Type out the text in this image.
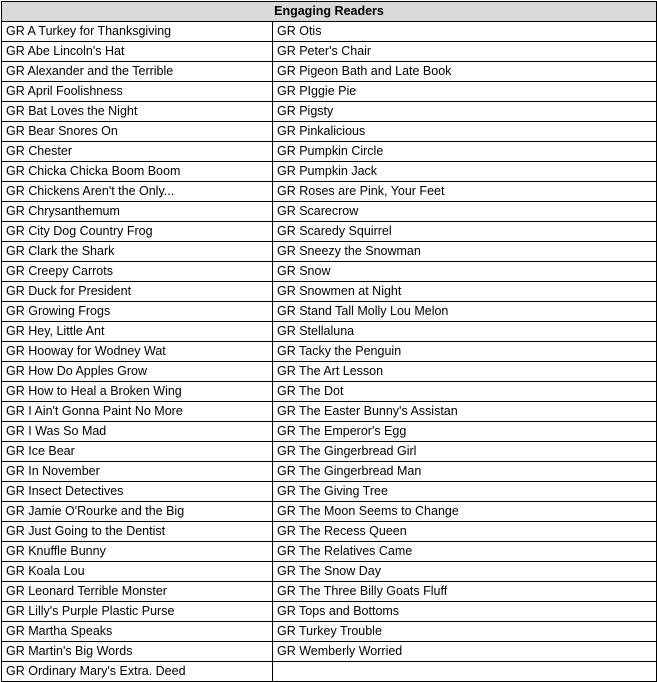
Engaging Readers	
GR A Turkey for Thanksgiving	GR Otis
GR Abe Lincoln's Hat	GR Peter's Chair
GR Alexander and the Terrible	GR Pigeon Bath and Late Book
GR April Foolishness	GR PIggie Pie
GR Bat Loves the Night	GR Pigsty
GR Bear Snores On	GR Pinkalicious
GR Chester	GR Pumpkin Circle
GR Chicka Chicka Boom Boom	GR Pumpkin Jack
GR Chickens Aren't the Only...	GR Roses are Pink, Your Feet
GR Chrysanthemum	GR Scarecrow
GR City Dog Country Frog	GR Scaredy Squirrel
GR Clark the Shark	GR Sneezy the Snowman
GR Creepy Carrots	GR Snow
GR Duck for President	GR Snowmen at Night
GR Growing Frogs	GR Stand Tall Molly Lou Melon
GR Hey, Little Ant	GR Stellaluna
GR Hooway for Wodney Wat	GR Tacky the Penguin
GR How Do Apples Grow	GR The Art Lesson
GR How to Heal a Broken Wing	GR The Dot
GR I Ain't Gonna Paint No More	GR The Easter Bunny's Assistan
GR I Was So Mad	GR The Emperor's Egg
GR Ice Bear	GR The Gingerbread Girl
GR In November	GR The Gingerbread Man
GR Insect Detectives	GR The Giving Tree
GR Jamie O'Rourke and the Big	GR The Moon Seems to Change
GR Just Going to the Dentist	GR The Recess Queen
GR Knuffle Bunny	GR The Relatives Came
GR Koala Lou	GR The Snow Day
GR Leonard Terrible Monster	GR The Three Billy Goats Fluff
GR Lilly's Purple Plastic Purse	GR Tops and Bottoms
GR Martha Speaks	GR Turkey Trouble
GR Martin's Big Words	GR Wemberly Worried
GR Ordinary Mary's Extra. Deed	
